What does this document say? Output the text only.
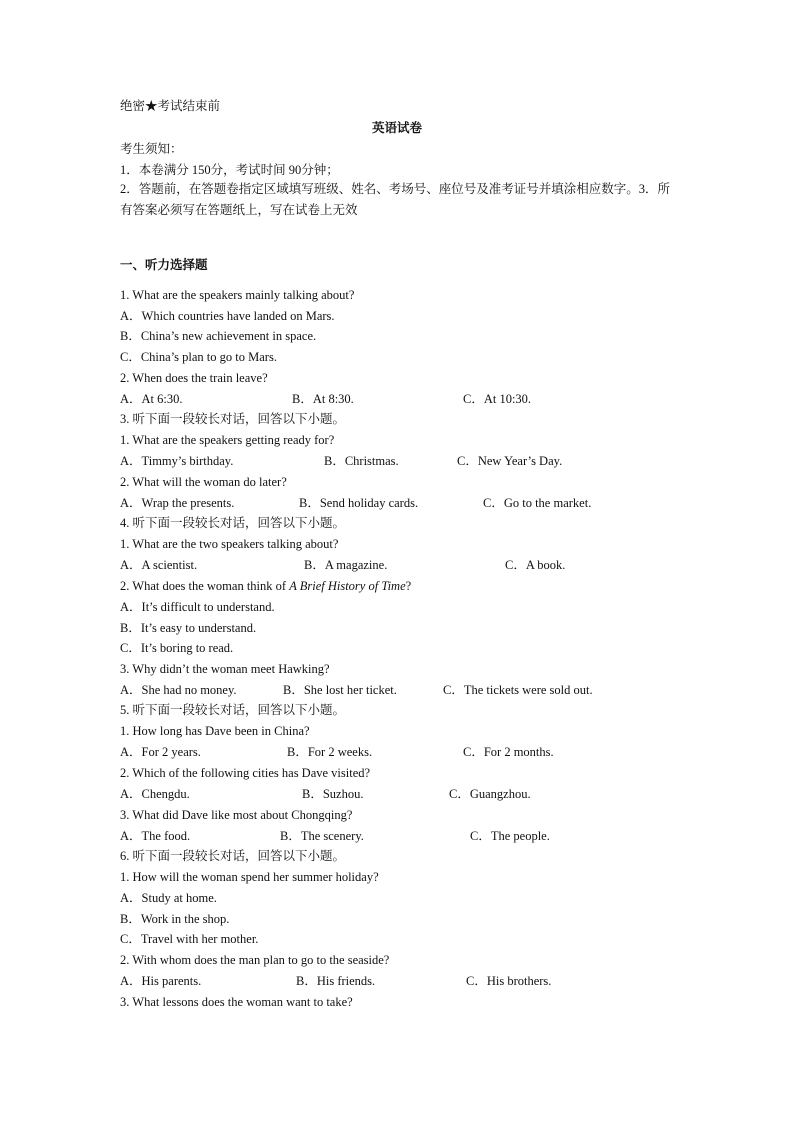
绝密★考试结束前
英语试卷
考生须知：
1．本卷满分 150分，考试时间 90分钟；
2．答题前，在答题卷指定区域填写班级、姓名、考场号、座位号及准考证号并填涂相应数字。3．所有答案必须写在答题纸上，写在试卷上无效
一、听力选择题
1. What are the speakers mainly talking about?
A．Which countries have landed on Mars.
B．China’s new achievement in space.
C．China’s plan to go to Mars.
2. When does the train leave?
A．At 6:30.	B．At 8:30.	C．At 10:30.
3. 听下面一段较长对话，回答以下小题。
1. What are the speakers getting ready for?
A．Timmy’s birthday.	B．Christmas.	C．New Year’s Day.
2. What will the woman do later?
A．Wrap the presents.	B．Send holiday cards.	C．Go to the market.
4. 听下面一段较长对话，回答以下小题。
1. What are the two speakers talking about?
A．A scientist.	B．A magazine.	C．A book.
2. What does the woman think of A Brief History of Time?
A．It’s difficult to understand.
B．It’s easy to understand.
C．It’s boring to read.
3. Why didn’t the woman meet Hawking?
A．She had no money.	B．She lost her ticket.	C．The tickets were sold out.
5. 听下面一段较长对话，回答以下小题。
1. How long has Dave been in China?
A．For 2 years.	B．For 2 weeks.	C．For 2 months.
2. Which of the following cities has Dave visited?
A．Chengdu.	B．Suzhou.	C．Guangzhou.
3. What did Dave like most about Chongqing?
A．The food.	B．The scenery.	C．The people.
6. 听下面一段较长对话，回答以下小题。
1. How will the woman spend her summer holiday?
A．Study at home.
B．Work in the shop.
C．Travel with her mother.
2. With whom does the man plan to go to the seaside?
A．His parents.	B．His friends.	C．His brothers.
3. What lessons does the woman want to take?
